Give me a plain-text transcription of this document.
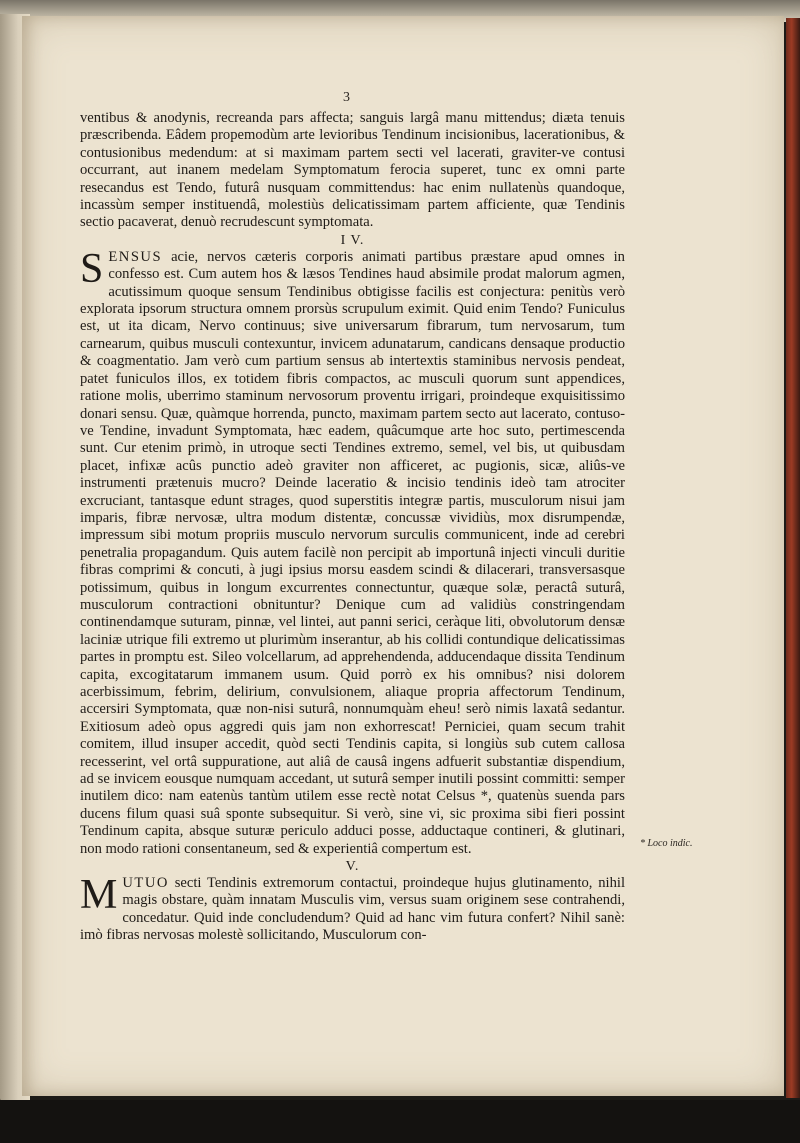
3

ventibus & anodynis, recreanda pars affecta; sanguis largâ manu mittendus; diæta tenuis præscribenda. Eâdem propemodùm arte levioribus Tendinum incisionibus, lacerationibus, & contusionibus medendum: at si maximam partem secti vel lacerati, graviter-ve contusi occurrant, aut inanem medelam Symptomatum ferocia superet, tunc ex omni parte resecandus est Tendo, futurâ nusquam committendus: hac enim nullatenùs quandoque, incassùm semper instituendâ, molestiùs delicatissimam partem afficiente, quæ Tendinis sectio pacaverat, denuò recrudescunt symptomata.

I V.

SENSUS acie, nervos cæteris corporis animati partibus præstare apud omnes in confesso est. Cum autem hos & læsos Tendines haud absimile prodat malorum agmen, acutissimum quoque sensum Tendinibus obtigisse facilis est conjectura: penitùs verò explorata ipsorum structura omnem prorsùs scrupulum eximit. Quid enim Tendo? Funiculus est, ut ita dicam, Nervo continuus; sive universarum fibrarum, tum nervosarum, tum carnearum, quibus musculi contexuntur, invicem adunatarum, candicans densaque productio & coagmentatio. Jam verò cum partium sensus ab intertextis staminibus nervosis pendeat, patet funiculos illos, ex totidem fibris compactos, ac musculi quorum sunt appendices, ratione molis, uberrimo staminum nervosorum proventu irrigari, proindeque exquisitissimo donari sensu. Quæ, quàmque horrenda, puncto, maximam partem secto aut lacerato, contuso-ve Tendine, invadunt Symptomata, hæc eadem, quâcumque arte hoc suto, pertimescenda sunt. Cur etenim primò, in utroque secti Tendines extremo, semel, vel bis, ut quibusdam placet, infixæ acûs punctio adeò graviter non afficeret, ac pugionis, sicæ, aliûs-ve instrumenti prætenuis mucro? Deinde laceratio & incisio tendinis ideò tam atrociter excruciant, tantasque edunt strages, quod superstitis integræ partis, musculorum nisui jam imparis, fibræ nervosæ, ultra modum distentæ, concussæ vividiùs, mox disrumpendæ, impressum sibi motum propriis musculo nervorum surculis communicent, inde ad cerebri penetralia propagandum. Quis autem facilè non percipit ab importunâ injecti vinculi duritie fibras comprimi & concuti, à jugi ipsius morsu easdem scindi & dilacerari, transversasque potissimum, quibus in longum excurrentes connectuntur, quæque solæ, peractâ suturâ, musculorum contractioni obnituntur? Denique cum ad validiùs constringendam continendamque suturam, pinnæ, vel lintei, aut panni serici, ceràque liti, obvolutorum densæ laciniæ utrique fili extremo ut plurimùm inserantur, ab his collidi contundique delicatissimas partes in promptu est. Sileo volcellarum, ad apprehendenda, adducendaque dissita Tendinum capita, excogitatarum immanem usum. Quid porrò ex his omnibus? nisi dolorem acerbissimum, febrim, delirium, convulsionem, aliaque propria affectorum Tendinum, accersiri Symptomata, quæ non-nisi suturâ, nonnumquàm eheu! serò nimis laxatâ sedantur. Exitiosum adeò opus aggredi quis jam non exhorrescat! Perniciei, quam secum trahit comitem, illud insuper accedit, quòd secti Tendinis capita, si longiùs sub cutem callosa recesserint, vel ortâ suppuratione, aut aliâ de causâ ingens adfuerit substantiæ dispendium, ad se invicem eousque numquam accedant, ut suturâ semper inutili possint committi: semper inutilem dico: nam eatenùs tantùm utilem esse rectè notat Celsus *, quatenùs suenda pars ducens filum quasi suâ sponte subsequitur. Si verò, sine vi, sic proxima sibi fieri possint Tendinum capita, absque suturæ periculo adduci posse, adductaque contineri, & glutinari, non modo rationi consentaneum, sed & experientiâ compertum est.

V.

MUTUO secti Tendinis extremorum contactui, proindeque hujus glutinamento, nihil magis obstare, quàm innatam Musculis vim, versus suam originem sese contrahendi, concedatur. Quid inde concludendum? Quid ad hanc vim futura confert? Nihil sanè: imò fibras nervosas molestè sollicitando, Musculorum con-

* Loco indic.
